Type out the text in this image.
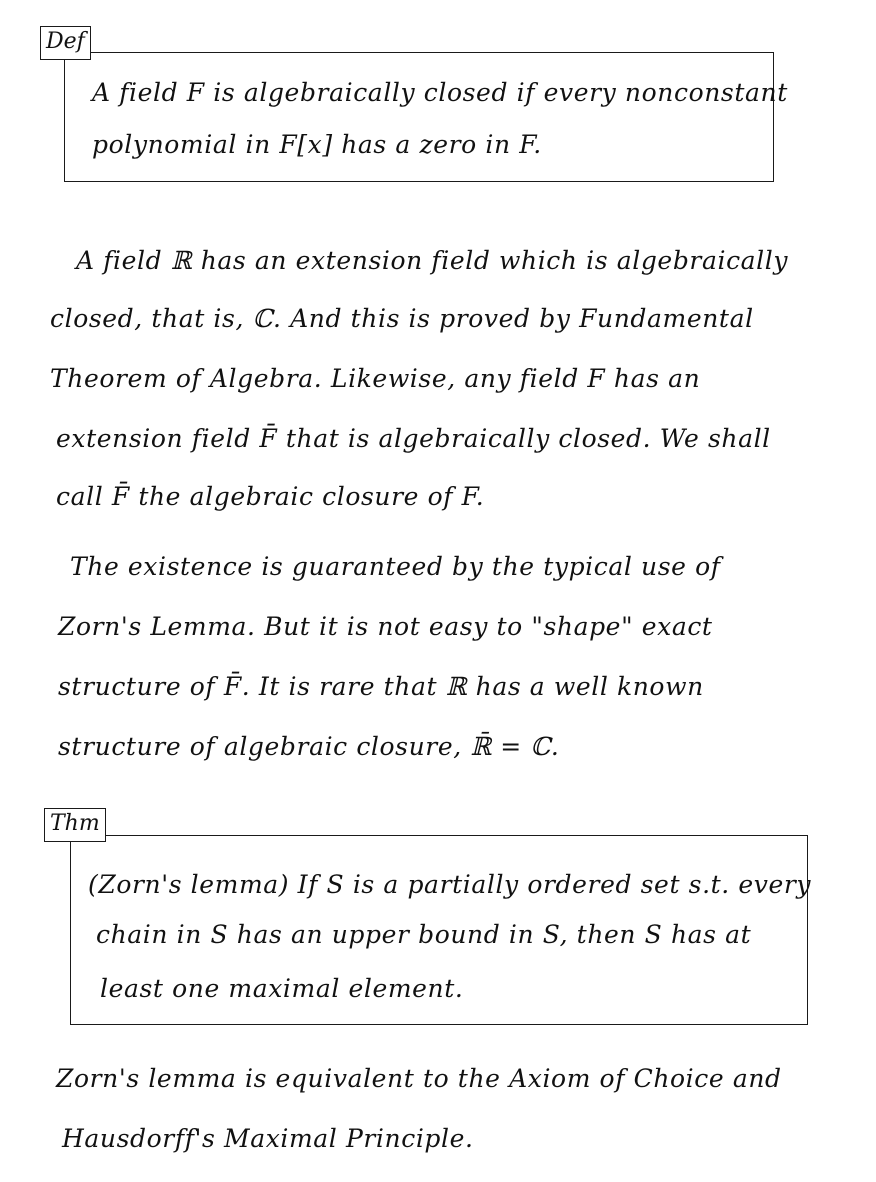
Def
A field F is algebraically closed if every nonconstant
polynomial in F[x] has a zero in F.
A field ℝ has an extension field which is algebraically
closed, that is, ℂ. And this is proved by Fundamental
Theorem of Algebra. Likewise, any field F has an
extension field F̄ that is algebraically closed. We shall
call F̄ the algebraic closure of F.
The existence is guaranteed by the typical use of
Zorn's Lemma. But it is not easy to "shape" exact
structure of F̄. It is rare that ℝ has a well known
structure of algebraic closure, ℝ̄ = ℂ.
Thm
(Zorn's lemma) If S is a partially ordered set s.t. every
chain in S has an upper bound in S, then S has at
least one maximal element.
Zorn's lemma is equivalent to the Axiom of Choice and
Hausdorff's Maximal Principle.
